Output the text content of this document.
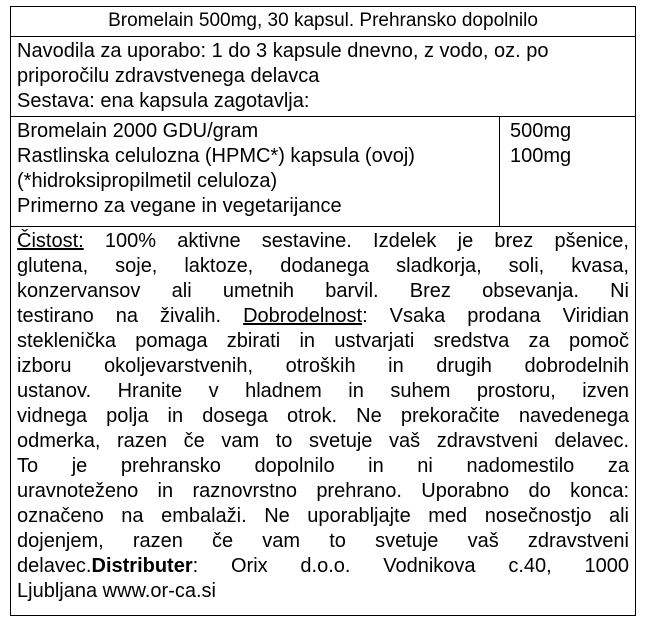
Bromelain 500mg, 30 kapsul. Prehransko dopolnilo
Navodila za uporabo: 1 do 3 kapsule dnevno, z vodo, oz. po
priporočilu zdravstvenega delavca
Sestava: ena kapsula zagotavlja:
Bromelain 2000 GDU/gram
Rastlinska celulozna (HPMC*) kapsula (ovoj)
(*hidroksipropilmetil celuloza)
Primerno za vegane in vegetarijance
500mg
100mg
Čistost: 100% aktivne sestavine. Izdelek je brez pšenice,
glutena, soje, laktoze, dodanega sladkorja, soli, kvasa,
konzervansov ali umetnih barvil. Brez obsevanja. Ni
testirano na živalih. Dobrodelnost: Vsaka prodana Viridian
steklenička pomaga zbirati in ustvarjati sredstva za pomoč
izboru okoljevarstvenih, otroških in drugih dobrodelnih
ustanov. Hranite v hladnem in suhem prostoru, izven
vidnega polja in dosega otrok. Ne prekoračite navedenega
odmerka, razen če vam to svetuje vaš zdravstveni delavec.
To je prehransko dopolnilo in ni nadomestilo za
uravnoteženo in raznovrstno prehrano. Uporabno do konca:
označeno na embalaži. Ne uporabljajte med nosečnostjo ali
dojenjem, razen če vam to svetuje vaš zdravstveni
delavec.Distributer: Orix d.o.o. Vodnikova c.40, 1000
Ljubljana www.or-ca.si
